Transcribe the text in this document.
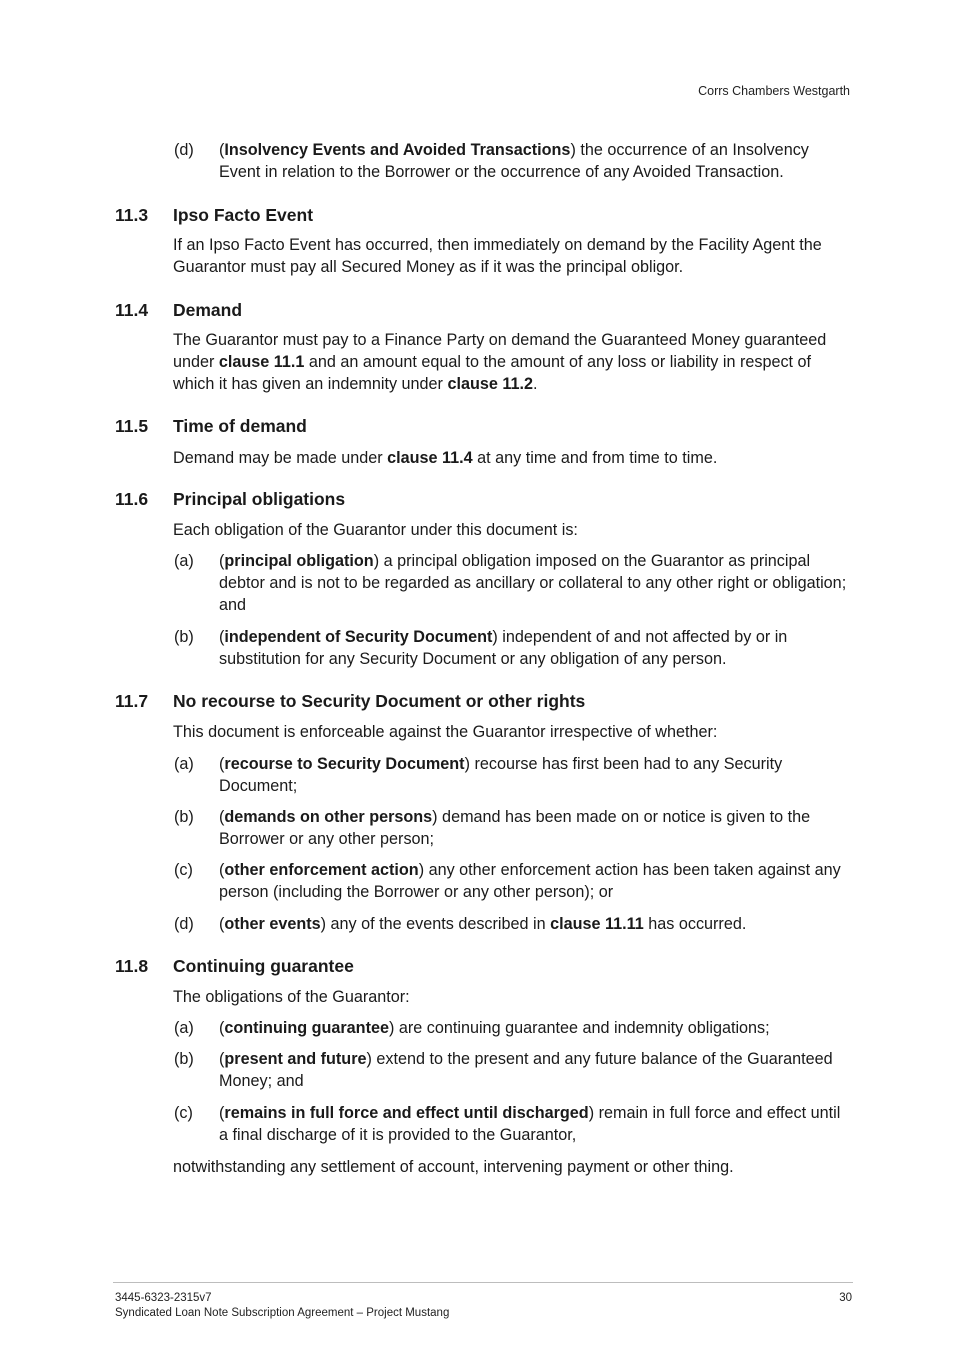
Corrs Chambers Westgarth
(d) (Insolvency Events and Avoided Transactions) the occurrence of an Insolvency Event in relation to the Borrower or the occurrence of any Avoided Transaction.
11.3 Ipso Facto Event
If an Ipso Facto Event has occurred, then immediately on demand by the Facility Agent the Guarantor must pay all Secured Money as if it was the principal obligor.
11.4 Demand
The Guarantor must pay to a Finance Party on demand the Guaranteed Money guaranteed under clause 11.1 and an amount equal to the amount of any loss or liability in respect of which it has given an indemnity under clause 11.2.
11.5 Time of demand
Demand may be made under clause 11.4 at any time and from time to time.
11.6 Principal obligations
Each obligation of the Guarantor under this document is:
(a) (principal obligation) a principal obligation imposed on the Guarantor as principal debtor and is not to be regarded as ancillary or collateral to any other right or obligation; and
(b) (independent of Security Document) independent of and not affected by or in substitution for any Security Document or any obligation of any person.
11.7 No recourse to Security Document or other rights
This document is enforceable against the Guarantor irrespective of whether:
(a) (recourse to Security Document) recourse has first been had to any Security Document;
(b) (demands on other persons) demand has been made on or notice is given to the Borrower or any other person;
(c) (other enforcement action) any other enforcement action has been taken against any person (including the Borrower or any other person); or
(d) (other events) any of the events described in clause 11.11 has occurred.
11.8 Continuing guarantee
The obligations of the Guarantor:
(a) (continuing guarantee) are continuing guarantee and indemnity obligations;
(b) (present and future) extend to the present and any future balance of the Guaranteed Money; and
(c) (remains in full force and effect until discharged) remain in full force and effect until a final discharge of it is provided to the Guarantor,
notwithstanding any settlement of account, intervening payment or other thing.
3445-6323-2315v7
Syndicated Loan Note Subscription Agreement – Project Mustang
30
